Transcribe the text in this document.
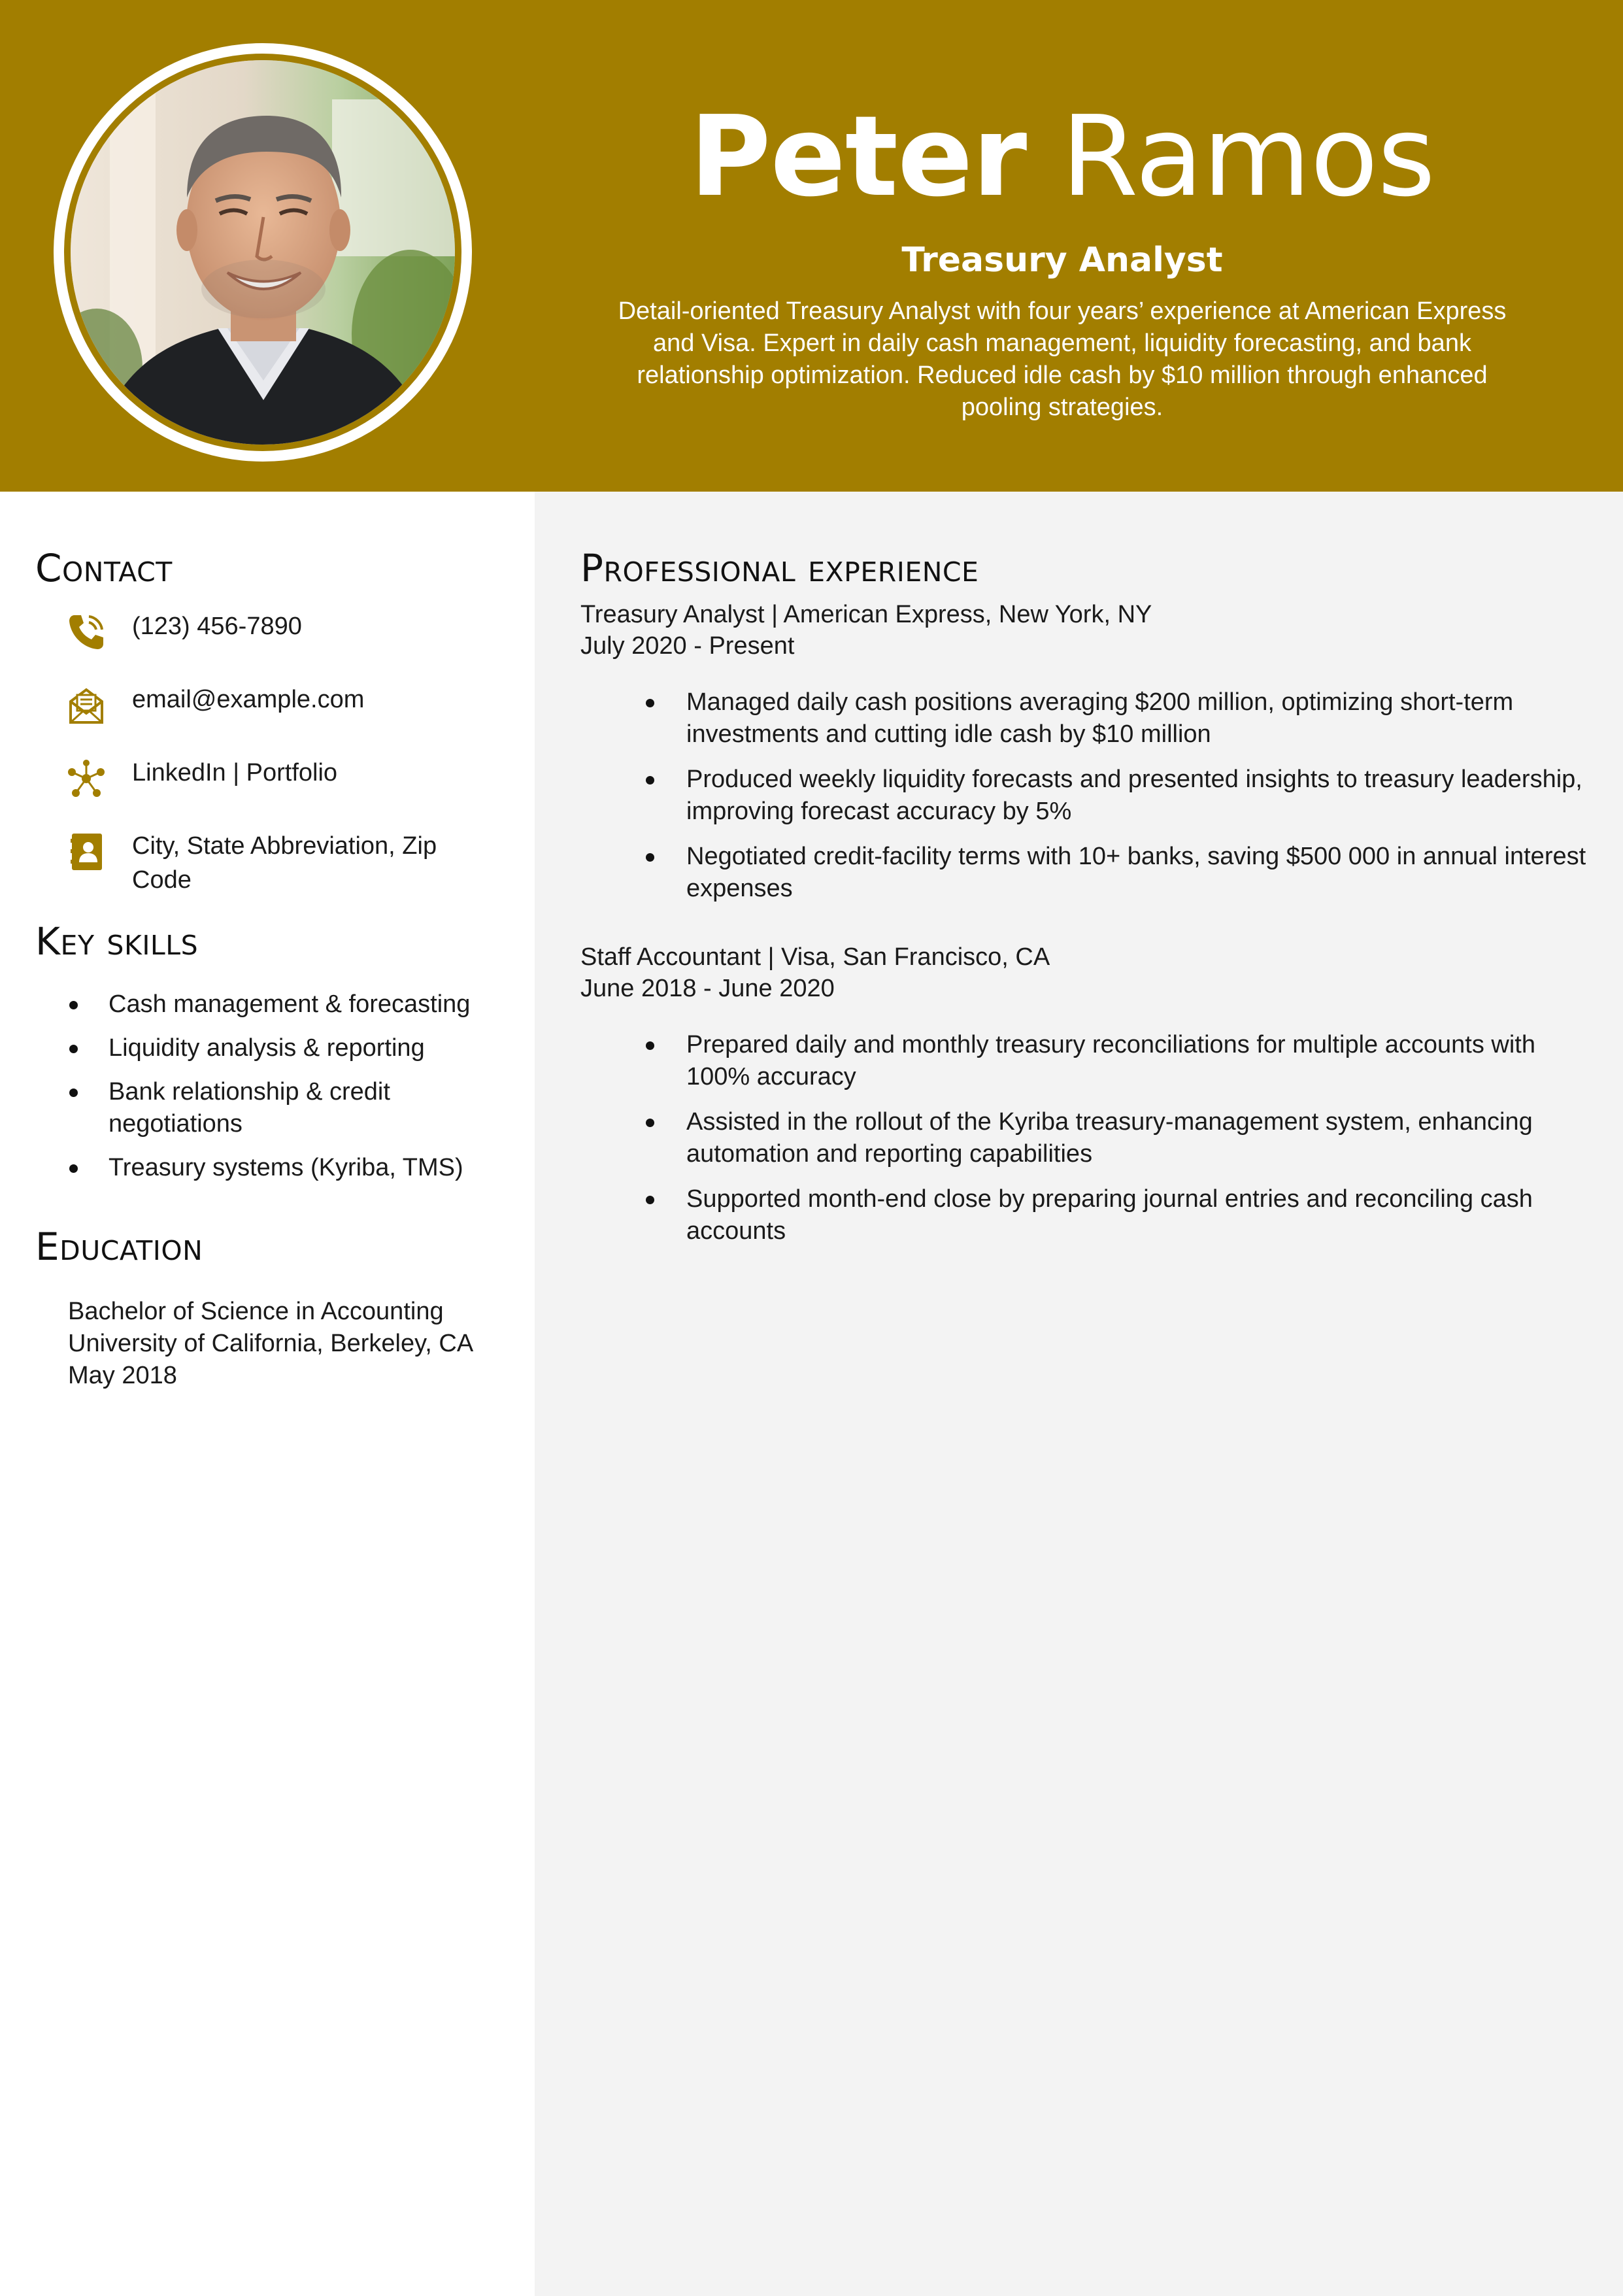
Peter Ramos
Treasury Analyst
Detail-oriented Treasury Analyst with four years’ experience at American Express and Visa. Expert in daily cash management, liquidity forecasting, and bank relationship optimization. Reduced idle cash by $10 million through enhanced pooling strategies.
Contact
(123) 456-7890
email@example.com
LinkedIn | Portfolio
City, State Abbreviation, Zip Code
Key skills
Cash management & forecasting
Liquidity analysis & reporting
Bank relationship & credit negotiations
Treasury systems (Kyriba, TMS)
Education
Bachelor of Science in Accounting
University of California, Berkeley, CA
May 2018
Professional experience
Treasury Analyst | American Express, New York, NY
July 2020 - Present
Managed daily cash positions averaging $200 million, optimizing short-term investments and cutting idle cash by $10 million
Produced weekly liquidity forecasts and presented insights to treasury leadership, improving forecast accuracy by 5%
Negotiated credit-facility terms with 10+ banks, saving $500 000 in annual interest expenses
Staff Accountant | Visa, San Francisco, CA
June 2018 - June 2020
Prepared daily and monthly treasury reconciliations for multiple accounts with 100% accuracy
Assisted in the rollout of the Kyriba treasury-management system, enhancing automation and reporting capabilities
Supported month-end close by preparing journal entries and reconciling cash accounts
